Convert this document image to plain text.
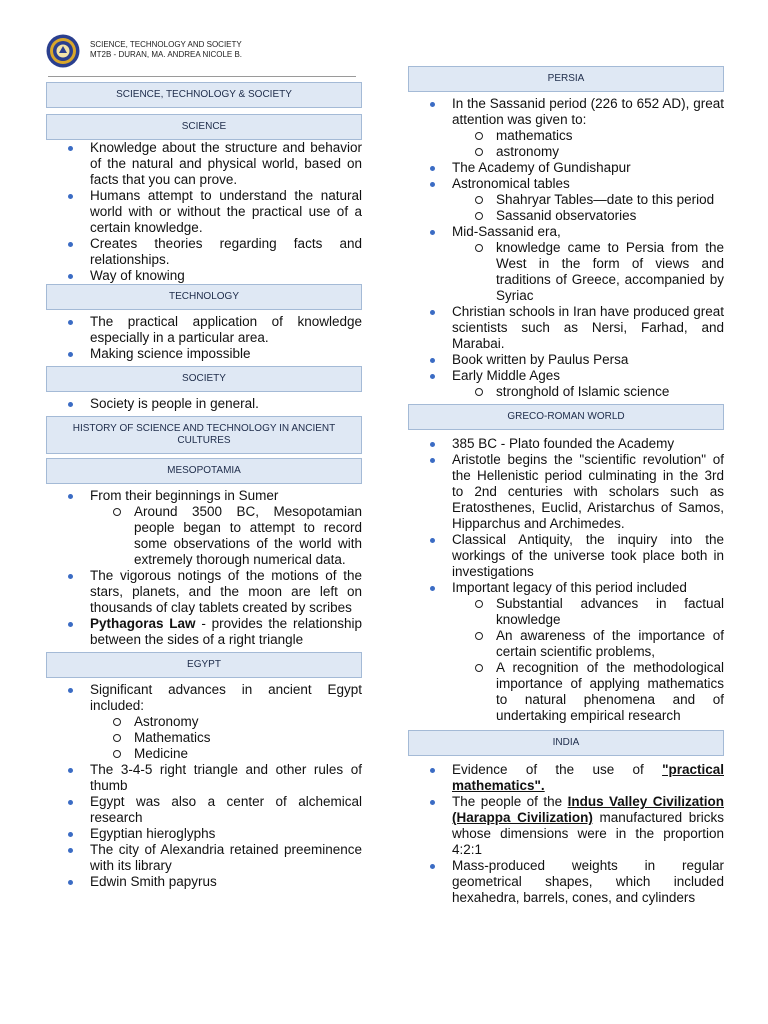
SCIENCE, TECHNOLOGY AND SOCIETY
MT2B - DURAN, MA. ANDREA NICOLE B.
SCIENCE, TECHNOLOGY & SOCIETY
SCIENCE
Knowledge about the structure and behavior of the natural and physical world, based on facts that you can prove.
Humans attempt to understand the natural world with or without the practical use of a certain knowledge.
Creates theories regarding facts and relationships.
Way of knowing
TECHNOLOGY
The practical application of knowledge especially in a particular area.
Making science impossible
SOCIETY
Society is people in general.
HISTORY OF SCIENCE AND TECHNOLOGY IN ANCIENT CULTURES
MESOPOTAMIA
From their beginnings in Sumer
Around 3500 BC, Mesopotamian people began to attempt to record some observations of the world with extremely thorough numerical data.
The vigorous notings of the motions of the stars, planets, and the moon are left on thousands of clay tablets created by scribes
Pythagoras Law - provides the relationship between the sides of a right triangle
EGYPT
Significant advances in ancient Egypt included:
Astronomy
Mathematics
Medicine
The 3-4-5 right triangle and other rules of thumb
Egypt was also a center of alchemical research
Egyptian hieroglyphs
The city of Alexandria retained preeminence with its library
Edwin Smith papyrus
PERSIA
In the Sassanid period (226 to 652 AD), great attention was given to:
mathematics
astronomy
The Academy of Gundishapur
Astronomical tables
Shahryar Tables—date to this period
Sassanid observatories
Mid-Sassanid era,
knowledge came to Persia from the West in the form of views and traditions of Greece, accompanied by Syriac
Christian schools in Iran have produced great scientists such as Nersi, Farhad, and Marabai.
Book written by Paulus Persa
Early Middle Ages
stronghold of Islamic science
GRECO-ROMAN WORLD
385 BC - Plato founded the Academy
Aristotle begins the "scientific revolution" of the Hellenistic period culminating in the 3rd to 2nd centuries with scholars such as Eratosthenes, Euclid, Aristarchus of Samos, Hipparchus and Archimedes.
Classical Antiquity, the inquiry into the workings of the universe took place both in investigations
Important legacy of this period included
Substantial advances in factual knowledge
An awareness of the importance of certain scientific problems,
A recognition of the methodological importance of applying mathematics to natural phenomena and of undertaking empirical research
INDIA
Evidence of the use of "practical mathematics".
The people of the Indus Valley Civilization (Harappa Civilization) manufactured bricks whose dimensions were in the proportion 4:2:1
Mass-produced weights in regular geometrical shapes, which included hexahedra, barrels, cones, and cylinders
